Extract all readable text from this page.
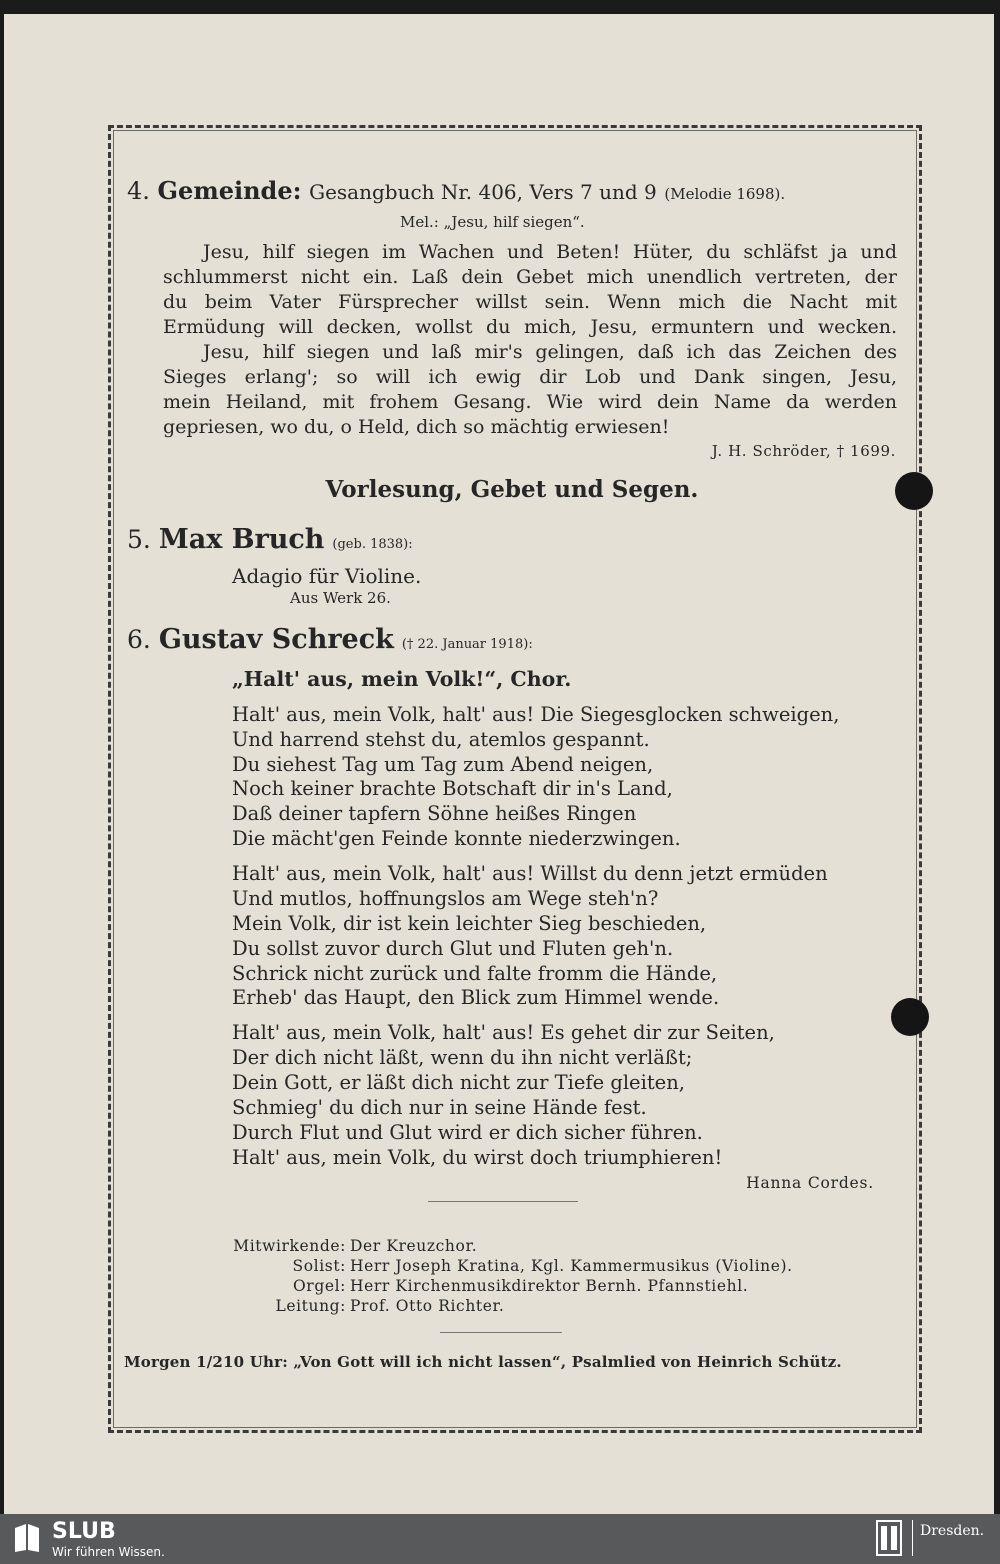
4. Gemeinde: Gesangbuch Nr. 406, Vers 7 und 9 (Melodie 1698).
Mel.: „Jesu, hilf siegen“.
Jesu, hilf siegen im Wachen und Beten! Hüter, du schläfst ja und
schlummerst nicht ein. Laß dein Gebet mich unendlich vertreten, der
du beim Vater Fürsprecher willst sein. Wenn mich die Nacht mit
Ermüdung will decken, wollst du mich, Jesu, ermuntern und wecken.
Jesu, hilf siegen und laß mir's gelingen, daß ich das Zeichen des
Sieges erlang'; so will ich ewig dir Lob und Dank singen, Jesu,
mein Heiland, mit frohem Gesang. Wie wird dein Name da werden
gepriesen, wo du, o Held, dich so mächtig erwiesen!
J. H. Schröder, † 1699.
Vorlesung, Gebet und Segen.
5. Max Bruch (geb. 1838):
Adagio für Violine.
Aus Werk 26.
6. Gustav Schreck († 22. Januar 1918):
„Halt' aus, mein Volk!“, Chor.
Halt' aus, mein Volk, halt' aus! Die Siegesglocken schweigen,
Und harrend stehst du, atemlos gespannt.
Du siehest Tag um Tag zum Abend neigen,
Noch keiner brachte Botschaft dir in's Land,
Daß deiner tapfern Söhne heißes Ringen
Die mächt'gen Feinde konnte niederzwingen.
Halt' aus, mein Volk, halt' aus! Willst du denn jetzt ermüden
Und mutlos, hoffnungslos am Wege steh'n?
Mein Volk, dir ist kein leichter Sieg beschieden,
Du sollst zuvor durch Glut und Fluten geh'n.
Schrick nicht zurück und falte fromm die Hände,
Erheb' das Haupt, den Blick zum Himmel wende.
Halt' aus, mein Volk, halt' aus! Es gehet dir zur Seiten,
Der dich nicht läßt, wenn du ihn nicht verläßt;
Dein Gott, er läßt dich nicht zur Tiefe gleiten,
Schmieg' du dich nur in seine Hände fest.
Durch Flut und Glut wird er dich sicher führen.
Halt' aus, mein Volk, du wirst doch triumphieren!
Hanna Cordes.
Mitwirkende: Der Kreuzchor.
Solist: Herr Joseph Kratina, Kgl. Kammermusikus (Violine).
Orgel: Herr Kirchenmusikdirektor Bernh. Pfannstiehl.
Leitung: Prof. Otto Richter.
Morgen 1/210 Uhr: „Von Gott will ich nicht lassen“, Psalmlied von Heinrich Schütz.
SLUB
Wir führen Wissen.
Dresden.
